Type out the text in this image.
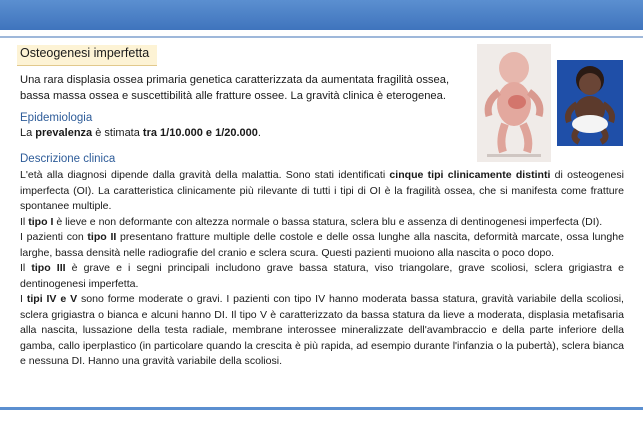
Osteogenesi imperfetta
Una rara displasia ossea primaria genetica caratterizzata da aumentata fragilità ossea, bassa massa ossea e suscettibilità alle fratture ossee. La gravità clinica è eterogenea.
Epidemiologia
La prevalenza è stimata tra 1/10.000 e 1/20.000.
Descrizione clinica

L'età alla diagnosi dipende dalla gravità della malattia. Sono stati identificati cinque tipi clinicamente distinti di osteogenesi imperfecta (OI). La caratteristica clinicamente più rilevante di tutti i tipi di OI è la fragilità ossea, che si manifesta come fratture spontanee multiple.

Il tipo I è lieve e non deformante con altezza normale o bassa statura, sclera blu e assenza di dentinogenesi imperfecta (DI).

I pazienti con tipo II presentano fratture multiple delle costole e delle ossa lunghe alla nascita, deformità marcate, ossa lunghe larghe, bassa densità nelle radiografie del cranio e sclera scura. Questi pazienti muoiono alla nascita o poco dopo.

Il tipo III è grave e i segni principali includono grave bassa statura, viso triangolare, grave scoliosi, sclera grigiastra e dentinogenesi imperfetta.

I tipi IV e V sono forme moderate o gravi. I pazienti con tipo IV hanno moderata bassa statura, gravità variabile della scoliosi, sclera grigiastra o bianca e alcuni hanno DI. Il tipo V è caratterizzato da bassa statura da lieve a moderata, displasia metafisaria alla nascita, lussazione della testa radiale, membrane interossee mineralizzate dell'avambraccio e della parte inferiore della gamba, callo iperplastico (in particolare quando la crescita è più rapida, ad esempio durante l'infanzia o la pubertà), sclera bianca e nessuna DI. Hanno una gravità variabile della scoliosi.
